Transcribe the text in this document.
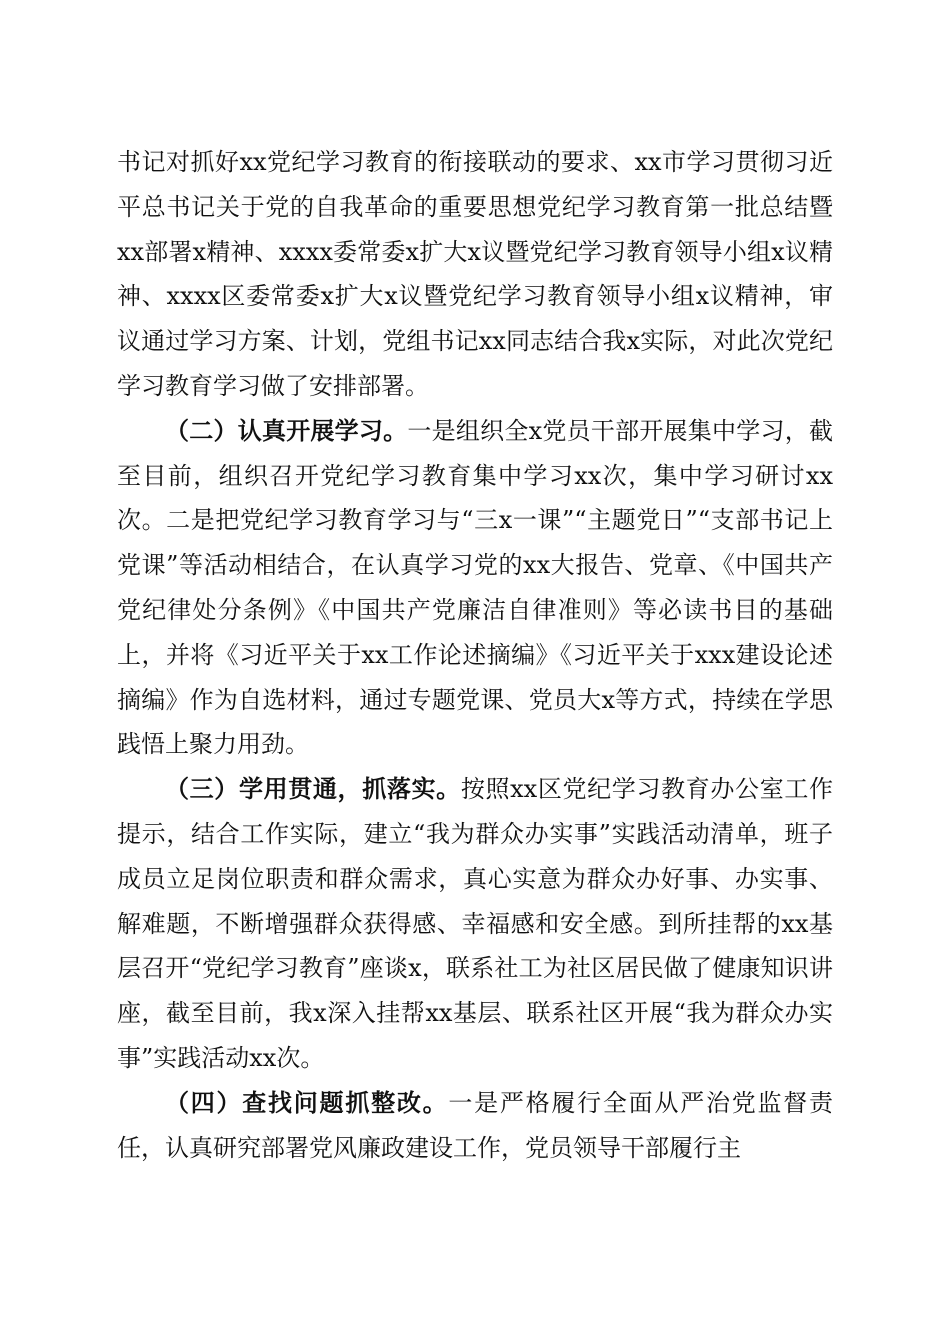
书记对抓好xx党纪学习教育的衔接联动的要求、xx市学习贯彻习近平总书记关于党的自我革命的重要思想党纪学习教育第一批总结暨xx部署x精神、xxxx委常委x扩大x议暨党纪学习教育领导小组x议精神、xxxx区委常委x扩大x议暨党纪学习教育领导小组x议精神，审议通过学习方案、计划，党组书记xx同志结合我x实际，对此次党纪学习教育学习做了安排部署。

（二）认真开展学习。一是组织全x党员干部开展集中学习，截至目前，组织召开党纪学习教育集中学习xx次，集中学习研讨xx次。二是把党纪学习教育学习与“三x一课”“主题党日”“支部书记上党课”等活动相结合，在认真学习党的xx大报告、党章、《中国共产党纪律处分条例》《中国共产党廉洁自律准则》等必读书目的基础上，并将《习近平关于xx工作论述摘编》《习近平关于xxx建设论述摘编》作为自选材料，通过专题党课、党员大x等方式，持续在学思践悟上聚力用劲。

（三）学用贯通，抓落实。按照xx区党纪学习教育办公室工作提示，结合工作实际，建立“我为群众办实事”实践活动清单，班子成员立足岗位职责和群众需求，真心实意为群众办好事、办实事、解难题，不断增强群众获得感、幸福感和安全感。到所挂帮的xx基层召开“党纪学习教育”座谈x，联系社工为社区居民做了健康知识讲座，截至目前，我x深入挂帮xx基层、联系社区开展“我为群众办实事”实践活动xx次。

（四）查找问题抓整改。一是严格履行全面从严治党监督责任，认真研究部署党风廉政建设工作，党员领导干部履行主
